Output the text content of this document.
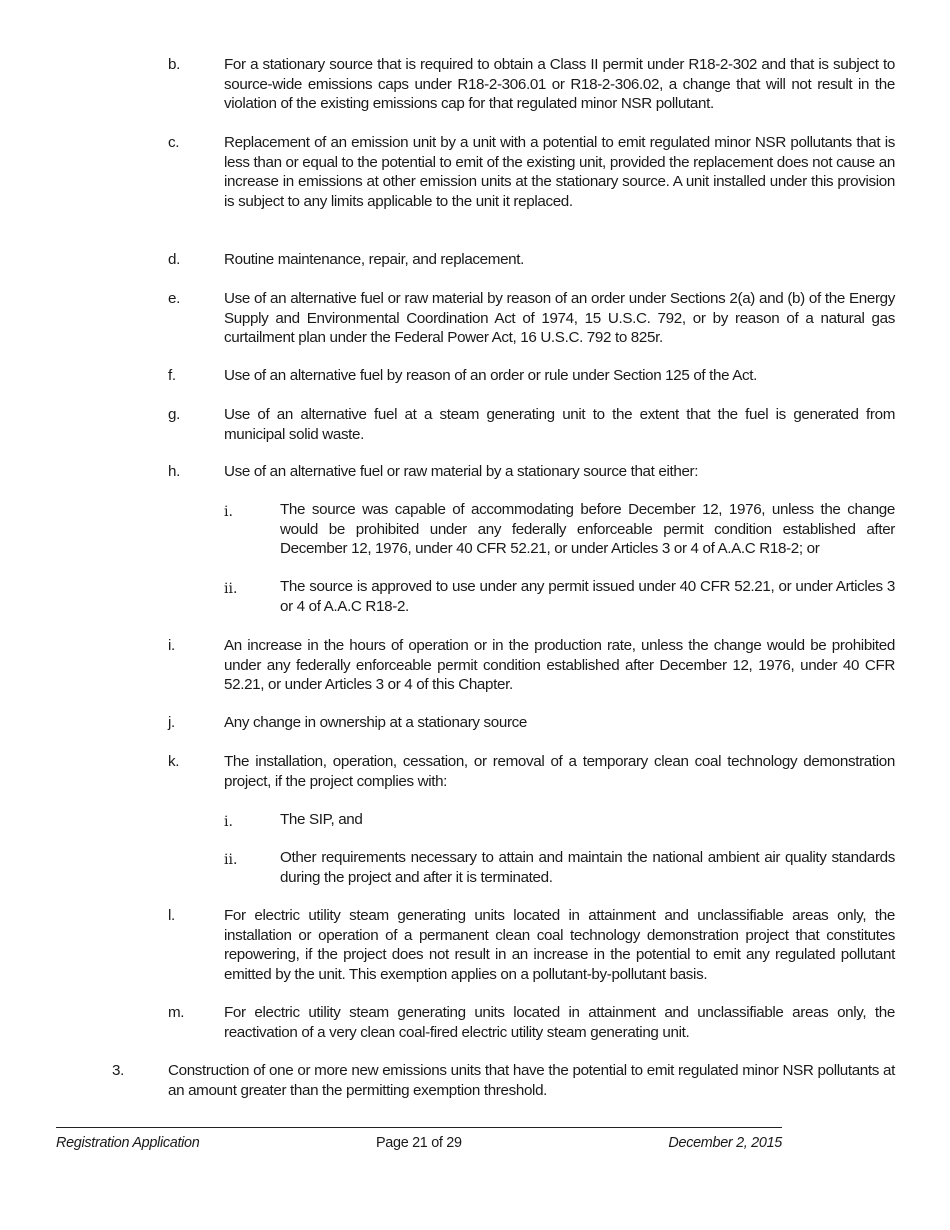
b.	For a stationary source that is required to obtain a Class II permit under R18-2-302 and that is subject to source-wide emissions caps under R18-2-306.01 or R18-2-306.02, a change that will not result in the violation of the existing emissions cap for that regulated minor NSR pollutant.
c.	Replacement of an emission unit by a unit with a potential to emit regulated minor NSR pollutants that is less than or equal to the potential to emit of the existing unit, provided the replacement does not cause an increase in emissions at other emission units at the stationary source. A unit installed under this provision is subject to any limits applicable to the unit it replaced.
d.	Routine maintenance, repair, and replacement.
e.	Use of an alternative fuel or raw material by reason of an order under Sections 2(a) and (b) of the Energy Supply and Environmental Coordination Act of 1974, 15 U.S.C. 792, or by reason of a natural gas curtailment plan under the Federal Power Act, 16 U.S.C. 792 to 825r.
f.	Use of an alternative fuel by reason of an order or rule under Section 125 of the Act.
g.	Use of an alternative fuel at a steam generating unit to the extent that the fuel is generated from municipal solid waste.
h.	Use of an alternative fuel or raw material by a stationary source that either:
i.	The source was capable of accommodating before December 12, 1976, unless the change would be prohibited under any federally enforceable permit condition established after December 12, 1976, under 40 CFR 52.21, or under Articles 3 or 4 of A.A.C R18-2; or
ii.	The source is approved to use under any permit issued under 40 CFR 52.21, or under Articles 3 or 4 of A.A.C R18-2.
i.	An increase in the hours of operation or in the production rate, unless the change would be prohibited under any federally enforceable permit condition established after December 12, 1976, under 40 CFR 52.21, or under Articles 3 or 4 of this Chapter.
j.	Any change in ownership at a stationary source
k.	The installation, operation, cessation, or removal of a temporary clean coal technology demonstration project, if the project complies with:
i.	The SIP, and
ii.	Other requirements necessary to attain and maintain the national ambient air quality standards during the project and after it is terminated.
l.	For electric utility steam generating units located in attainment and unclassifiable areas only, the installation or operation of a permanent clean coal technology demonstration project that constitutes repowering, if the project does not result in an increase in the potential to emit any regulated pollutant emitted by the unit. This exemption applies on a pollutant-by-pollutant basis.
m.	For electric utility steam generating units located in attainment and unclassifiable areas only, the reactivation of a very clean coal-fired electric utility steam generating unit.
3.	Construction of one or more new emissions units that have the potential to emit regulated minor NSR pollutants at an amount greater than the permitting exemption threshold.
Registration Application	Page 21 of 29	December 2, 2015
